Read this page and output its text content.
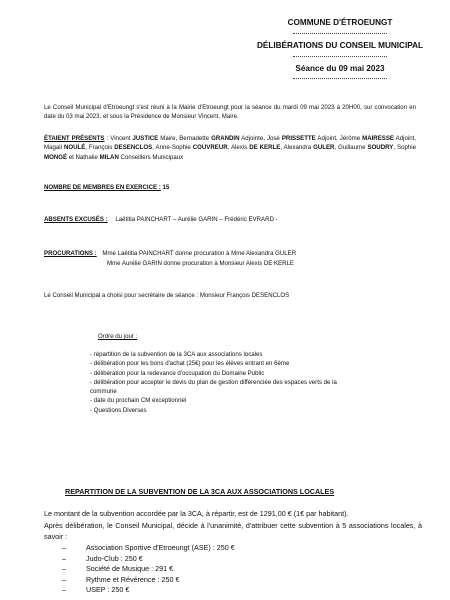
COMMUNE D'ÉTROEUNGT
DÉLIBÉRATIONS DU CONSEIL MUNICIPAL
Séance du 09 mai 2023
Le Conseil Municipal d'Etroeungt s'est réuni à la Mairie d'Etroeungt pour la séance du mardi 09 mai 2023 à 20H00, sur convocation en date du 03 mai 2023, et sous la Présidence de Monsieur Vincent, Maire.
ÉTAIENT PRÉSENTS : Vincent JUSTICE Maire, Bernadette GRANDIN Adjointe, José PRISSETTE Adjoint, Jérôme MAIRESSE Adjoint, Magali NOULÉ, François DESENCLOS, Anne-Sophie COUVREUR, Alexis DE KERLE, Alexandra GULER, Guillaume SOUDRY, Sophie MONGÉ et Nathalie MILAN Conseillers Municipaux
NOMBRE DE MEMBRES EN EXERCICE : 15
ABSENTS EXCUSÉS : Laëtitia PAINCHART – Aurélie GARIN – Frédéric EVRARD -
PROCURATIONS : Mme Laëtitia PAINCHART donne procuration à Mme Alexandra GULER
Mme Aurélie GARIN donne procuration à Monsieur Alexis DE KERLE
Le Conseil Municipal a choisi pour secrétaire de séance : Monsieur François DESENCLOS
Ordre du jour :
- répartition de la subvention de la 3CA aux associations locales
- délibération pour les bons d'achat (25€) pour les élèves entrant en 6ème
- délibération pour la redevance d'occupation du Domaine Public
- délibération pour accepter le devis du plan de gestion différenciée des espaces verts de la
commune
- date du prochain CM exceptionnel
- Questions Diverses
REPARTITION DE LA SUBVENTION DE LA 3CA AUX ASSOCIATIONS LOCALES
Le montant de la subvention accordée par la 3CA, à répartir, est de 1291,00 € (1€ par habitant).
Après délibération, le Conseil Municipal, décide à l'unanimité, d'attribuer cette subvention à 5 associations locales, à savoir :
–	Association Sportive d'Etroeungt (ASE) : 250 €
–	Judo-Club : 250 €
–	Société de Musique : 291 €
–	Rythme et Révérence : 250 €
–	USEP : 250 €
